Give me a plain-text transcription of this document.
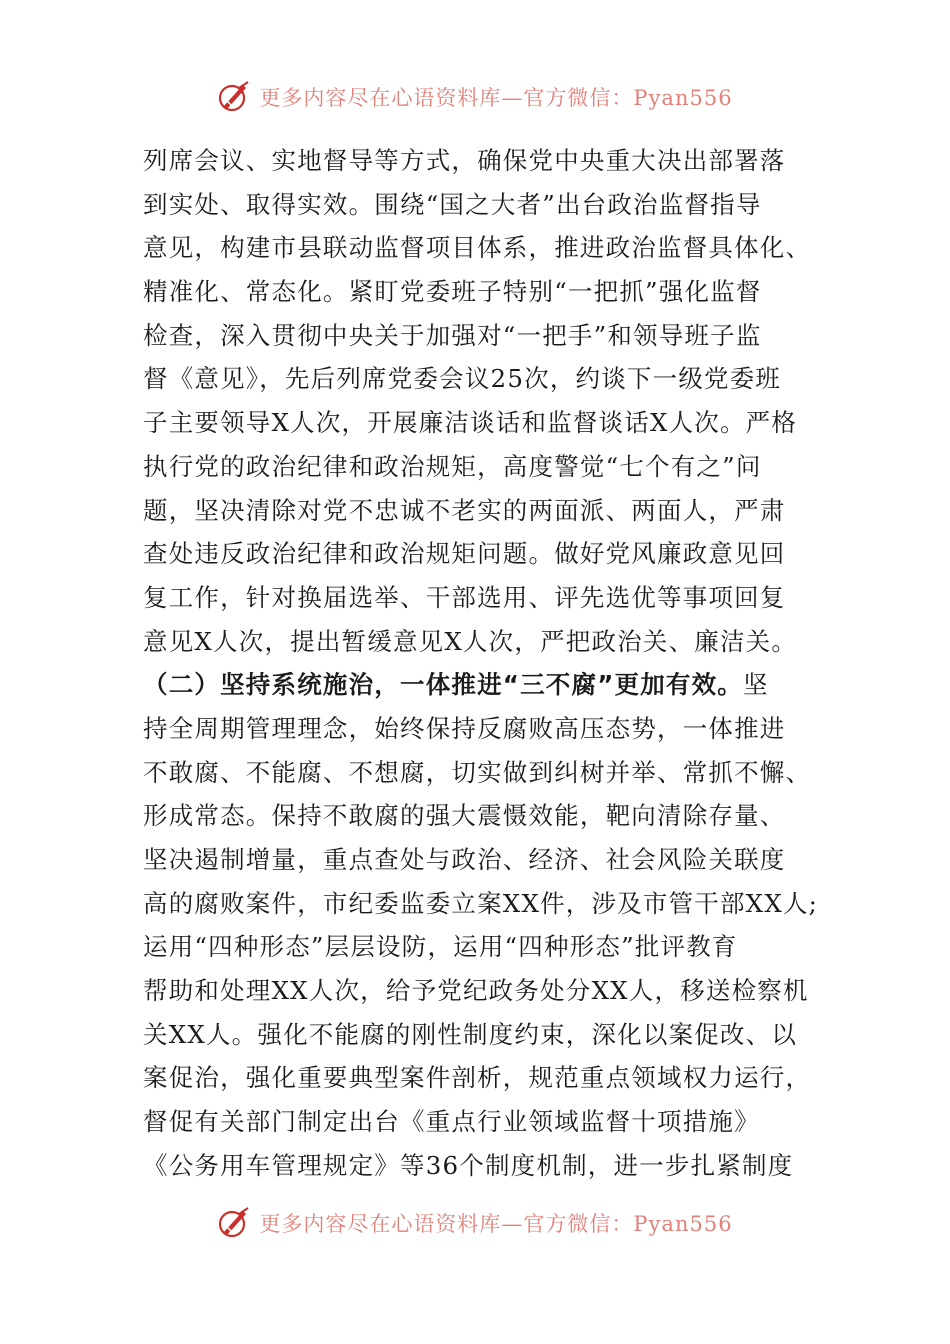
更多内容尽在心语资料库—官方微信：Pyan556
列席会议、实地督导等方式，确保党中央重大决出部署落
到实处、取得实效。围绕“国之大者”出台政治监督指导
意见，构建市县联动监督项目体系，推进政治监督具体化、
精准化、常态化。紧盯党委班子特别“一把抓”强化监督
检查，深入贯彻中央关于加强对“一把手”和领导班子监
督《意见》，先后列席党委会议25次，约谈下一级党委班
子主要领导X人次，开展廉洁谈话和监督谈话X人次。严格
执行党的政治纪律和政治规矩，高度警觉“七个有之”问
题，坚决清除对党不忠诚不老实的两面派、两面人，严肃
查处违反政治纪律和政治规矩问题。做好党风廉政意见回
复工作，针对换届选举、干部选用、评先选优等事项回复
意见X人次，提出暂缓意见X人次，严把政治关、廉洁关。
（二）坚持系统施治，一体推进“三不腐”更加有效。坚
持全周期管理理念，始终保持反腐败高压态势，一体推进
不敢腐、不能腐、不想腐，切实做到纠树并举、常抓不懈、
形成常态。保持不敢腐的强大震慑效能，靶向清除存量、
坚决遏制增量，重点查处与政治、经济、社会风险关联度
高的腐败案件，市纪委监委立案XX件，涉及市管干部XX人;
运用“四种形态”层层设防，运用“四种形态”批评教育
帮助和处理XX人次，给予党纪政务处分XX人，移送检察机
关XX人。强化不能腐的刚性制度约束，深化以案促改、以
案促治，强化重要典型案件剖析，规范重点领域权力运行，
督促有关部门制定出台《重点行业领域监督十项措施》
《公务用车管理规定》等36个制度机制，进一步扎紧制度
更多内容尽在心语资料库—官方微信：Pyan556
